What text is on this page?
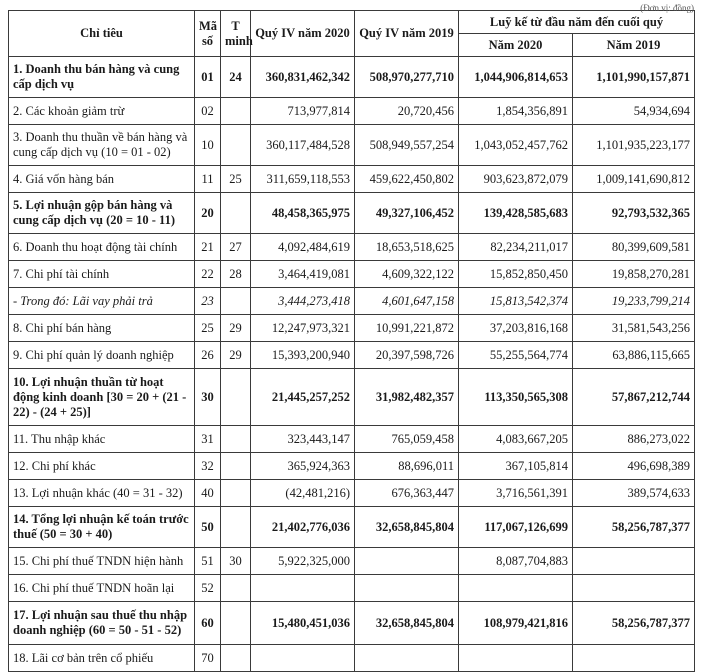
(Đơn vị: đồng)
Chỉ tiêu	Mã số	T minh	Quý IV năm 2020	Quý IV năm 2019	Luỹ kế từ đầu năm đến cuối quý	
					Năm 2020	Năm 2019
1. Doanh thu bán hàng và cung cấp dịch vụ	01	24	360,831,462,342	508,970,277,710	1,044,906,814,653	1,101,990,157,871
2. Các khoản giảm trừ	02		713,977,814	20,720,456	1,854,356,891	54,934,694
3. Doanh thu thuần về bán hàng và cung cấp dịch vụ (10 = 01 - 02)	10		360,117,484,528	508,949,557,254	1,043,052,457,762	1,101,935,223,177
4. Giá vốn hàng bán	11	25	311,659,118,553	459,622,450,802	903,623,872,079	1,009,141,690,812
5. Lợi nhuận gộp bán hàng và cung cấp dịch vụ (20 = 10 - 11)	20		48,458,365,975	49,327,106,452	139,428,585,683	92,793,532,365
6. Doanh thu hoạt động tài chính	21	27	4,092,484,619	18,653,518,625	82,234,211,017	80,399,609,581
7. Chi phí tài chính	22	28	3,464,419,081	4,609,322,122	15,852,850,450	19,858,270,281
- Trong đó: Lãi vay phải trả	23		3,444,273,418	4,601,647,158	15,813,542,374	19,233,799,214
8. Chi phí bán hàng	25	29	12,247,973,321	10,991,221,872	37,203,816,168	31,581,543,256
9. Chi phí quản lý doanh nghiệp	26	29	15,393,200,940	20,397,598,726	55,255,564,774	63,886,115,665
10. Lợi nhuận thuần từ hoạt động kinh doanh [30 = 20 + (21 - 22) - (24 + 25)]	30		21,445,257,252	31,982,482,357	113,350,565,308	57,867,212,744
11. Thu nhập khác	31		323,443,147	765,059,458	4,083,667,205	886,273,022
12. Chi phí khác	32		365,924,363	88,696,011	367,105,814	496,698,389
13. Lợi nhuận khác (40 = 31 - 32)	40		(42,481,216)	676,363,447	3,716,561,391	389,574,633
14. Tổng lợi nhuận kế toán trước thuế (50 = 30 + 40)	50		21,402,776,036	32,658,845,804	117,067,126,699	58,256,787,377
15. Chi phí thuế TNDN hiện hành	51	30	5,922,325,000		8,087,704,883	
16. Chi phí thuế TNDN hoãn lại	52					
17. Lợi nhuận sau thuế thu nhập doanh nghiệp (60 = 50 - 51 - 52)	60		15,480,451,036	32,658,845,804	108,979,421,816	58,256,787,377
18. Lãi cơ bản trên cổ phiếu	70					
